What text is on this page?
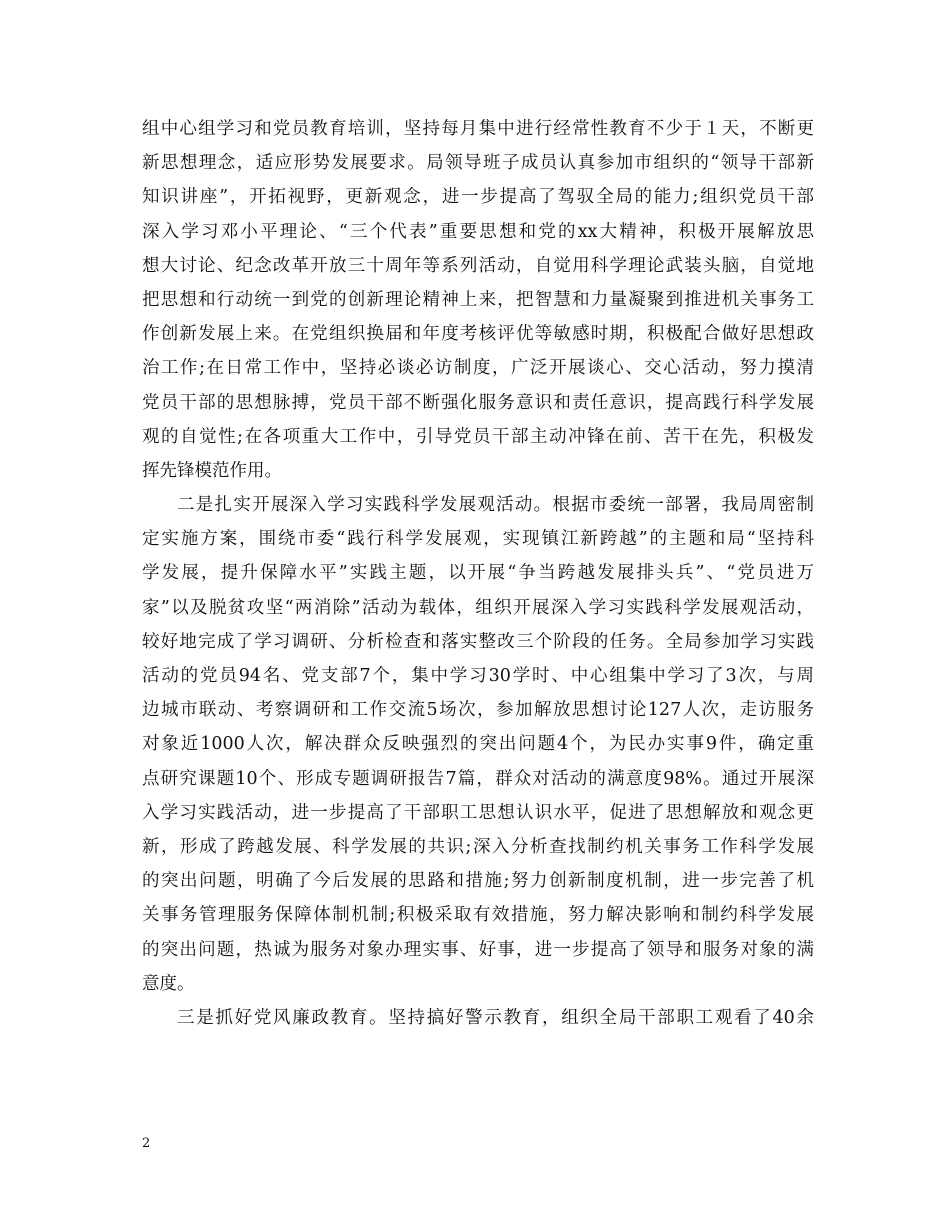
组中心组学习和党员教育培训，坚持每月集中进行经常性教育不少于１天，不断更
新思想理念，适应形势发展要求。局领导班子成员认真参加市组织的“领导干部新
知识讲座”，开拓视野，更新观念，进一步提高了驾驭全局的能力;组织党员干部
深入学习邓小平理论、“三个代表”重要思想和党的xx大精神，积极开展解放思
想大讨论、纪念改革开放三十周年等系列活动，自觉用科学理论武装头脑，自觉地
把思想和行动统一到党的创新理论精神上来，把智慧和力量凝聚到推进机关事务工
作创新发展上来。在党组织换届和年度考核评优等敏感时期，积极配合做好思想政
治工作;在日常工作中，坚持必谈必访制度，广泛开展谈心、交心活动，努力摸清
党员干部的思想脉搏，党员干部不断强化服务意识和责任意识，提高践行科学发展
观的自觉性;在各项重大工作中，引导党员干部主动冲锋在前、苦干在先，积极发
挥先锋模范作用。
二是扎实开展深入学习实践科学发展观活动。根据市委统一部署，我局周密制
定实施方案，围绕市委“践行科学发展观，实现镇江新跨越”的主题和局“坚持科
学发展，提升保障水平”实践主题，以开展“争当跨越发展排头兵”、“党员进万
家”以及脱贫攻坚“两消除”活动为载体，组织开展深入学习实践科学发展观活动，
较好地完成了学习调研、分析检查和落实整改三个阶段的任务。全局参加学习实践
活动的党员94名、党支部7个，集中学习30学时、中心组集中学习了3次，与周
边城市联动、考察调研和工作交流5场次，参加解放思想讨论127人次，走访服务
对象近1000人次，解决群众反映强烈的突出问题4个，为民办实事9件，确定重
点研究课题10个、形成专题调研报告7篇，群众对活动的满意度98%。通过开展深
入学习实践活动，进一步提高了干部职工思想认识水平，促进了思想解放和观念更
新，形成了跨越发展、科学发展的共识;深入分析查找制约机关事务工作科学发展
的突出问题，明确了今后发展的思路和措施;努力创新制度机制，进一步完善了机
关事务管理服务保障体制机制;积极采取有效措施，努力解决影响和制约科学发展
的突出问题，热诚为服务对象办理实事、好事，进一步提高了领导和服务对象的满
意度。
三是抓好党风廉政教育。坚持搞好警示教育，组织全局干部职工观看了40余
2
